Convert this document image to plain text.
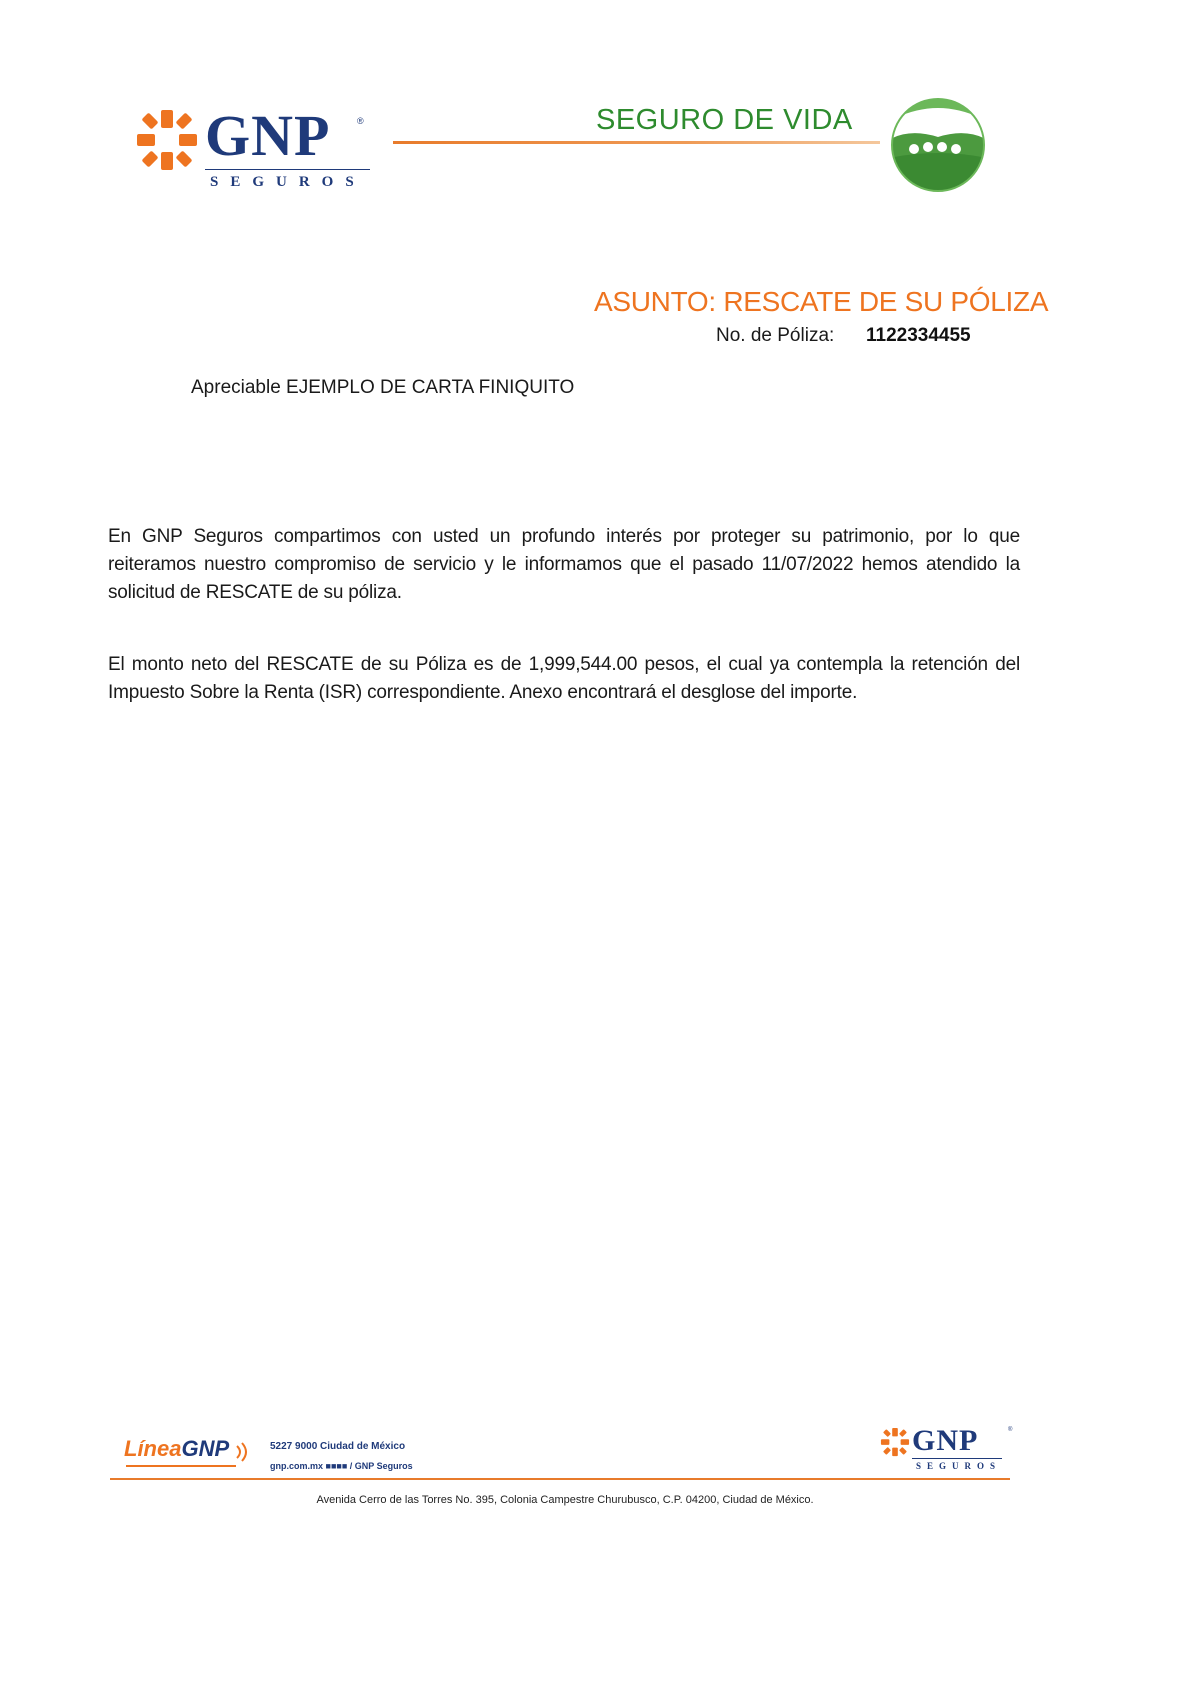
GNP	®
SEGUROS
SEGURO DE VIDA
ASUNTO: RESCATE DE SU PÓLIZA
No. de Póliza: 1122334455
Apreciable EJEMPLO DE CARTA FINIQUITO

En GNP Seguros compartimos con usted un profundo interés por proteger su patrimonio, por lo que reiteramos nuestro compromiso de servicio y le informamos que el pasado 11/07/2022 hemos atendido la solicitud de RESCATE de su póliza.

El monto neto del RESCATE de su Póliza es de 1,999,544.00 pesos, el cual ya contempla la retención del Impuesto Sobre la Renta (ISR) correspondiente. Anexo encontrará el desglose del importe.

LíneaGNP	5227 9000 Ciudad de México
gnp.com.mx ■■■■ / GNP Seguros
GNP	®
SEGUROS
Avenida Cerro de las Torres No. 395, Colonia Campestre Churubusco, C.P. 04200, Ciudad de México.
